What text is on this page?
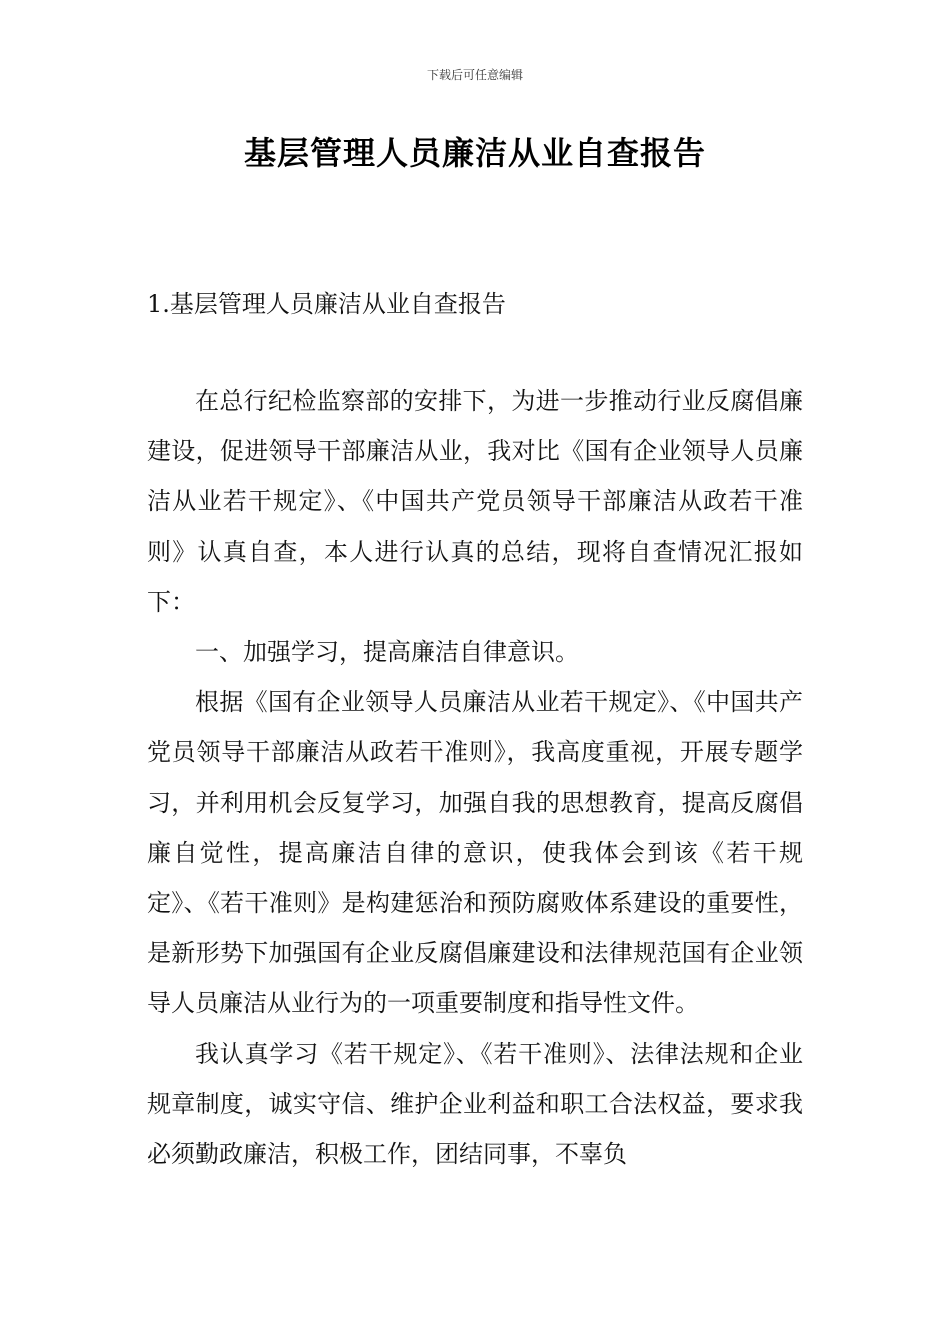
下载后可任意编辑
基层管理人员廉洁从业自查报告
1.基层管理人员廉洁从业自查报告

在总行纪检监察部的安排下，为进一步推动行业反腐倡廉建设，促进领导干部廉洁从业，我对比《国有企业领导人员廉洁从业若干规定》、《中国共产党员领导干部廉洁从政若干准则》认真自查，本人进行认真的总结，现将自查情况汇报如下：

一、加强学习，提高廉洁自律意识。

根据《国有企业领导人员廉洁从业若干规定》、《中国共产党员领导干部廉洁从政若干准则》，我高度重视，开展专题学习，并利用机会反复学习，加强自我的思想教育，提高反腐倡廉自觉性，提高廉洁自律的意识，使我体会到该《若干规定》、《若干准则》是构建惩治和预防腐败体系建设的重要性，是新形势下加强国有企业反腐倡廉建设和法律规范国有企业领导人员廉洁从业行为的一项重要制度和指导性文件。

我认真学习《若干规定》、《若干准则》、法律法规和企业规章制度，诚实守信、维护企业利益和职工合法权益，要求我必须勤政廉洁，积极工作，团结同事，不辜负
